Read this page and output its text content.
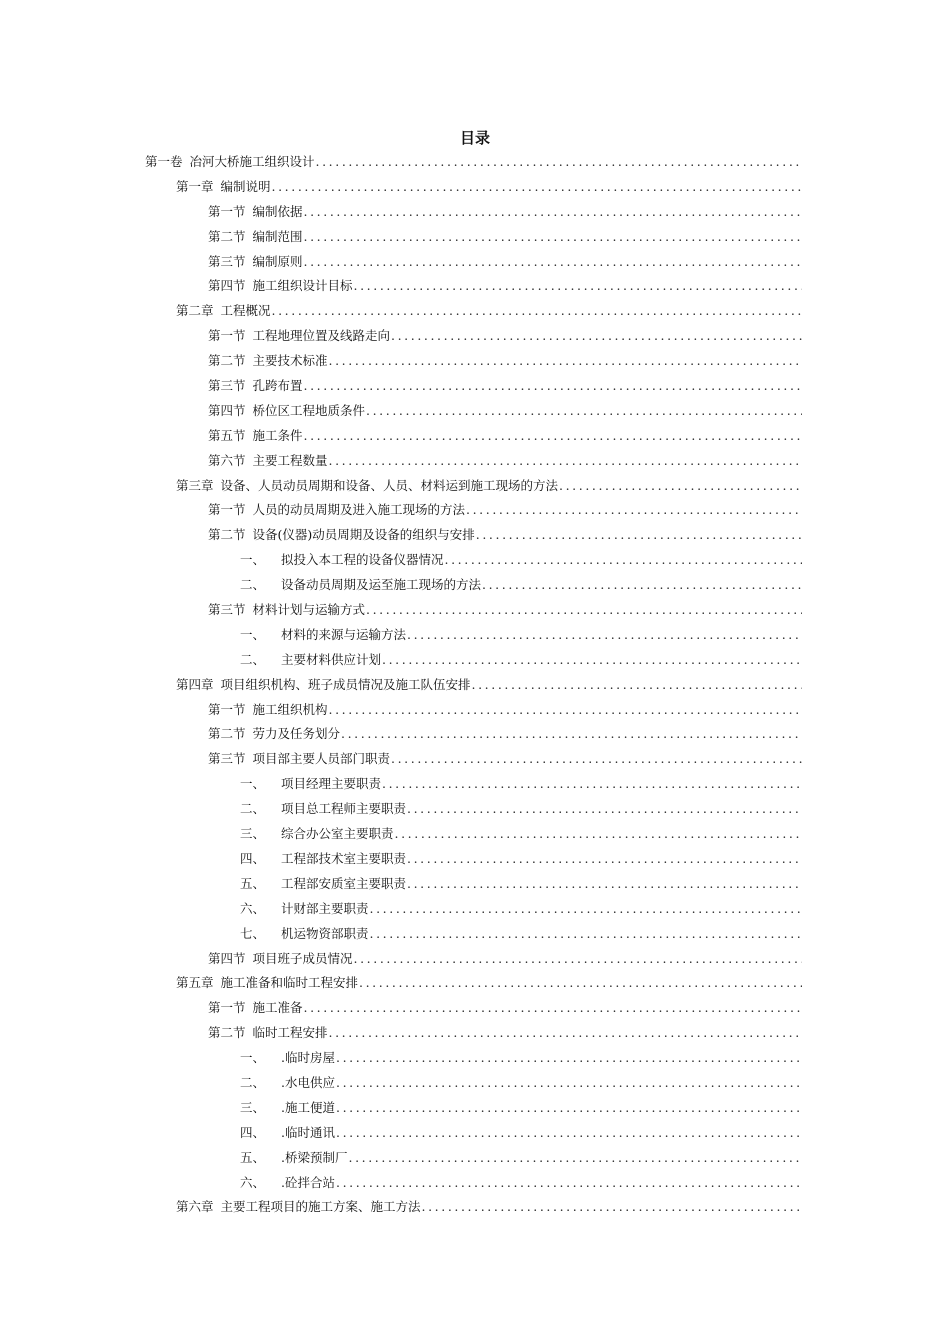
目录
第一卷 冶河大桥施工组织设计
.....
第一章 编制说明
.....
第一节 编制依据
.....
第二节 编制范围
.....
第三节 编制原则
.....
第四节 施工组织设计目标
.....
第二章 工程概况
.....
第一节 工程地理位置及线路走向
.....
第二节 主要技术标准
.....
第三节 孔跨布置
.....
第四节 桥位区工程地质条件
.....
第五节 施工条件
.....
第六节 主要工程数量
.....
第三章 设备、人员动员周期和设备、人员、材料运到施工现场的方法
.....
第一节 人员的动员周期及进入施工现场的方法
.....
第二节 设备(仪器)动员周期及设备的组织与安排
.....
一、 拟投入本工程的设备仪器情况
.....
二、 设备动员周期及运至施工现场的方法
.....
第三节 材料计划与运输方式
.....
一、 材料的来源与运输方法
.....
二、 主要材料供应计划
.....
第四章 项目组织机构、班子成员情况及施工队伍安排
.....
第一节 施工组织机构
.....
第二节 劳力及任务划分
.....
第三节 项目部主要人员部门职责
.....
一、 项目经理主要职责
.....
二、 项目总工程师主要职责
.....
三、 综合办公室主要职责
.....
四、 工程部技术室主要职责
.....
五、 工程部安质室主要职责
.....
六、 计财部主要职责
.....
七、 机运物资部职责
.....
第四节 项目班子成员情况
.....
第五章 施工准备和临时工程安排
.....
第一节 施工准备
.....
第二节 临时工程安排
.....
一、 .临时房屋
.....
二、 .水电供应
.....
三、 .施工便道
.....
四、 .临时通讯
.....
五、 .桥梁预制厂
.....
六、 .砼拌合站
.....
第六章 主要工程项目的施工方案、施工方法
.....
